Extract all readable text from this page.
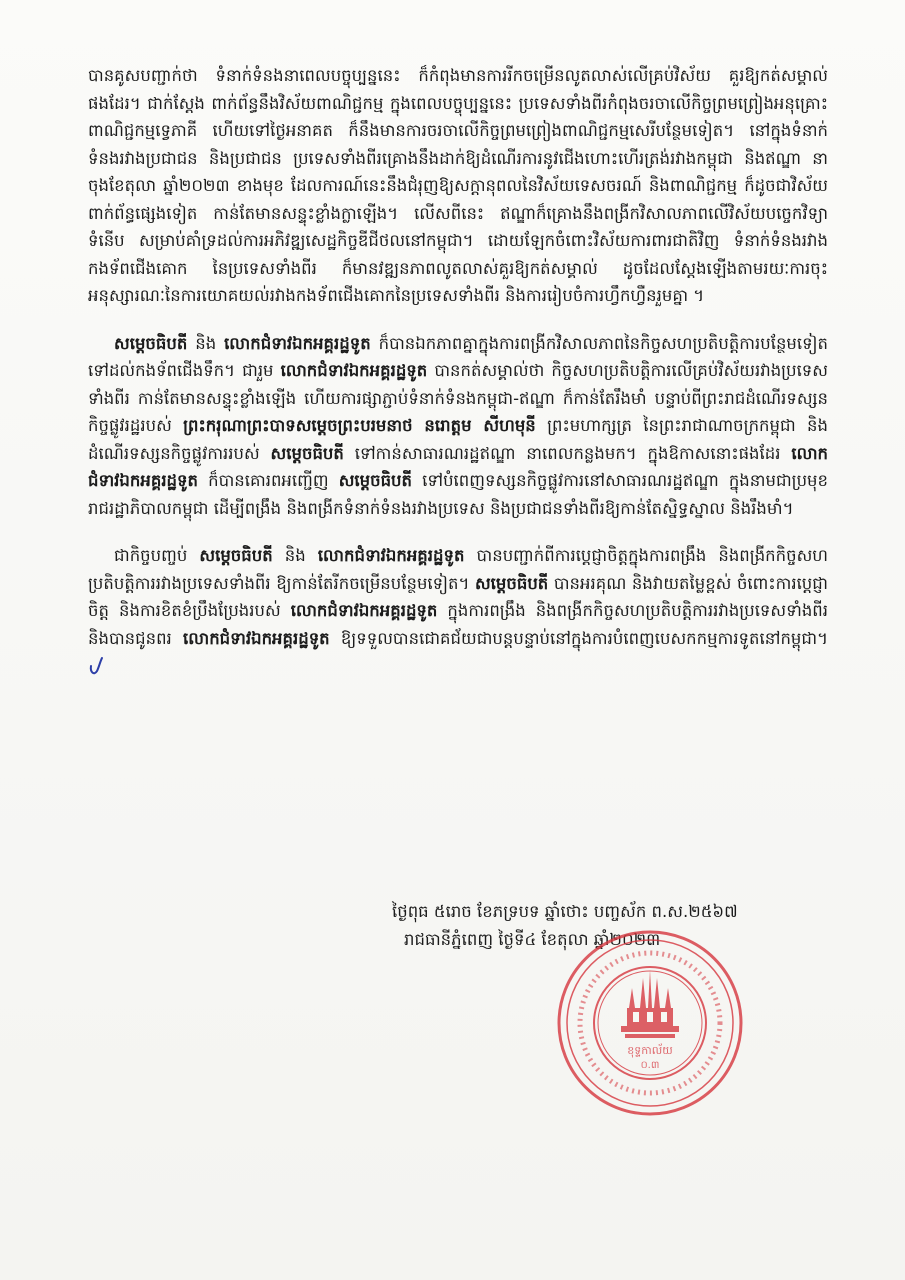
បានគូសបញ្ជាក់ថា ទំនាក់ទំនងនាពេលបច្ចុប្បន្ននេះ ក៏កំពុងមានការរីកចម្រើនលូតលាស់លើគ្រប់វិស័យ គួរឱ្យកត់សម្គាល់ផងដែរ។ ជាក់ស្តែង ពាក់ព័ន្ធនឹងវិស័យពាណិជ្ជកម្ម ក្នុងពេលបច្ចុប្បន្ននេះ ប្រទេសទាំងពីរកំពុងចរចាលើកិច្ចព្រមព្រៀងអនុគ្រោះពាណិជ្ជកម្មទ្វេភាគី ហើយទៅថ្ងៃអនាគត ក៏នឹងមានការចរចាលើកិច្ចព្រមព្រៀងពាណិជ្ជកម្មសេរីបន្ថែមទៀត។ នៅក្នុងទំនាក់ទំនងរវាងប្រជាជន និងប្រជាជន ប្រទេសទាំងពីរគ្រោងនឹងដាក់ឱ្យដំណើរការនូវជើងហោះហើរត្រង់រវាងកម្ពុជា និងឥណ្ឌា នាចុងខែតុលា ឆ្នាំ២០២៣ ខាងមុខ ដែលការណ៍នេះនឹងជំរុញឱ្យសក្តានុពលនៃវិស័យទេសចរណ៍ និងពាណិជ្ជកម្ម ក៏ដូចជាវិស័យពាក់ព័ន្ធផ្សេងទៀត កាន់តែមានសន្ទុះខ្លាំងក្លាឡើង។ លើសពីនេះ ឥណ្ឌាក៏គ្រោងនឹងពង្រីកវិសាលភាពលើវិស័យបច្ចេកវិទ្យាទំនើប សម្រាប់គាំទ្រដល់ការអភិវឌ្ឍសេដ្ឋកិច្ចឌីជីថលនៅកម្ពុជា។ ដោយឡែកចំពោះវិស័យការពារជាតិវិញ ទំនាក់ទំនងរវាងកងទ័ពជើងគោក នៃប្រទេសទាំងពីរ ក៏មានវឌ្ឍនភាពលូតលាស់គួរឱ្យកត់សម្គាល់ ដូចដែលស្តែងឡើងតាមរយៈការចុះអនុស្សារណៈនៃការយោគយល់រវាងកងទ័ពជើងគោកនៃប្រទេសទាំងពីរ និងការរៀបចំការហ្វឹកហ្វឺនរួមគ្នា ។

សម្តេចធិបតី និង លោកជំទាវឯកអគ្គរដ្ឋទូត ក៏បានឯកភាពគ្នាក្នុងការពង្រីកវិសាលភាពនៃកិច្ចសហប្រតិបត្តិការបន្ថែមទៀតទៅដល់កងទ័ពជើងទឹក។ ជារួម លោកជំទាវឯកអគ្គរដ្ឋទូត បានកត់សម្គាល់ថា កិច្ចសហប្រតិបត្តិការលើគ្រប់វិស័យរវាងប្រទេសទាំងពីរ កាន់តែមានសន្ទុះខ្លាំងឡើង ហើយការផ្សាភ្ជាប់ទំនាក់ទំនងកម្ពុជា-ឥណ្ឌា ក៏កាន់តែរឹងមាំ បន្ទាប់ពីព្រះរាជដំណើរទស្សនកិច្ចផ្លូវរដ្ឋរបស់ ព្រះករុណាព្រះបាទសម្តេចព្រះបរមនាថ នរោត្តម សីហមុនី ព្រះមហាក្សត្រ នៃព្រះរាជាណាចក្រកម្ពុជា និងដំណើរទស្សនកិច្ចផ្លូវការរបស់ សម្តេចធិបតី ទៅកាន់សាធារណរដ្ឋឥណ្ឌា នាពេលកន្លងមក។ ក្នុងឱកាសនោះផងដែរ លោកជំទាវឯកអគ្គរដ្ឋទូត ក៏បានគោរពអញ្ជើញ សម្តេចធិបតី ទៅបំពេញទស្សនកិច្ចផ្លូវការនៅសាធារណរដ្ឋឥណ្ឌា ក្នុងនាមជាប្រមុខរាជរដ្ឋាភិបាលកម្ពុជា ដើម្បីពង្រឹង និងពង្រីកទំនាក់ទំនងរវាងប្រទេស និងប្រជាជនទាំងពីរឱ្យកាន់តែស្និទ្ធស្នាល និងរឹងមាំ។

ជាកិច្ចបញ្ចប់ សម្តេចធិបតី និង លោកជំទាវឯកអគ្គរដ្ឋទូត បានបញ្ជាក់ពីការប្តេជ្ញាចិត្តក្នុងការពង្រឹង និងពង្រីកកិច្ចសហប្រតិបត្តិការរវាងប្រទេសទាំងពីរ ឱ្យកាន់តែរីកចម្រើនបន្ថែមទៀត។ សម្តេចធិបតី បានអរគុណ និងវាយតម្លៃខ្ពស់ ចំពោះការប្តេជ្ញាចិត្ត និងការខិតខំប្រឹងប្រែងរបស់ លោកជំទាវឯកអគ្គរដ្ឋទូត ក្នុងការពង្រឹង និងពង្រីកកិច្ចសហប្រតិបត្តិការរវាងប្រទេសទាំងពីរ និងបានជូនពរ លោកជំទាវឯកអគ្គរដ្ឋទូត ឱ្យទទួលបានជោគជ័យជាបន្តបន្ទាប់នៅក្នុងការបំពេញបេសកកម្មការទូតនៅកម្ពុជា។

ថ្ងៃពុធ ៥រោច ខែភទ្របទ ឆ្នាំថោះ បញ្ចស័ក ព.ស.២៥៦៧
រាជធានីភ្នំពេញ ថ្ងៃទី៤ ខែតុលា ឆ្នាំ២០២៣
ខុទ្ទកាល័យ
០.៣
